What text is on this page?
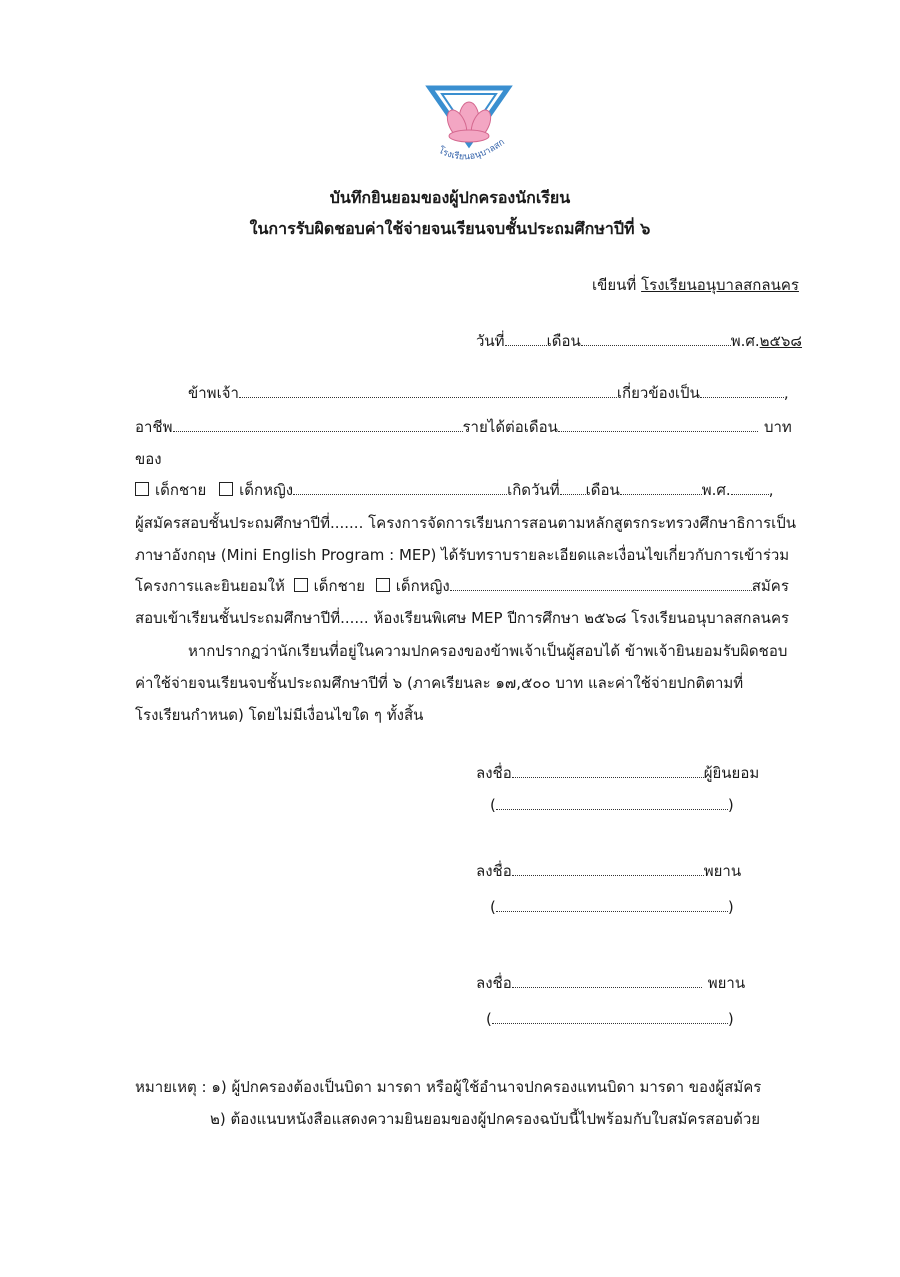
โรงเรียนอนุบาลสก
บันทึกยินยอมของผู้ปกครองนักเรียน
ในการรับผิดชอบค่าใช้จ่ายจนเรียนจบชั้นประถมศึกษาปีที่ ๖
เขียนที่ โรงเรียนอนุบาลสกลนคร
วันที่	เดือน	พ.ศ.๒๕๖๘
ข้าพเจ้า	เกี่ยวข้องเป็น	,
อาชีพ	รายได้ต่อเดือน	บาท
ของ
เด็กชาย เด็กหญิง	เกิดวันที่ เดือน	พ.ศ.	,
ผู้สมัครสอบชั้นประถมศึกษาปีที่....... โครงการจัดการเรียนการสอนตามหลักสูตรกระทรวงศึกษาธิการเป็น
ภาษาอังกฤษ (Mini English Program : MEP) ได้รับทราบรายละเอียดและเงื่อนไขเกี่ยวกับการเข้าร่วม
โครงการและยินยอมให้ เด็กชาย เด็กหญิง	สมัคร
สอบเข้าเรียนชั้นประถมศึกษาปีที่...... ห้องเรียนพิเศษ MEP ปีการศึกษา ๒๕๖๘ โรงเรียนอนุบาลสกลนคร
หากปรากฏว่านักเรียนที่อยู่ในความปกครองของข้าพเจ้าเป็นผู้สอบได้ ข้าพเจ้ายินยอมรับผิดชอบ
ค่าใช้จ่ายจนเรียนจบชั้นประถมศึกษาปีที่ ๖ (ภาคเรียนละ ๑๗,๕๐๐ บาท และค่าใช้จ่ายปกติตามที่
โรงเรียนกำหนด) โดยไม่มีเงื่อนไขใด ๆ ทั้งสิ้น
ลงชื่อ	ผู้ยินยอม
(	)
ลงชื่อ	พยาน
(	)
ลงชื่อ	พยาน
(	)
หมายเหตุ : ๑) ผู้ปกครองต้องเป็นบิดา มารดา หรือผู้ใช้อำนาจปกครองแทนบิดา มารดา ของผู้สมัคร
๒) ต้องแนบหนังสือแสดงความยินยอมของผู้ปกครองฉบับนี้ไปพร้อมกับใบสมัครสอบด้วย
